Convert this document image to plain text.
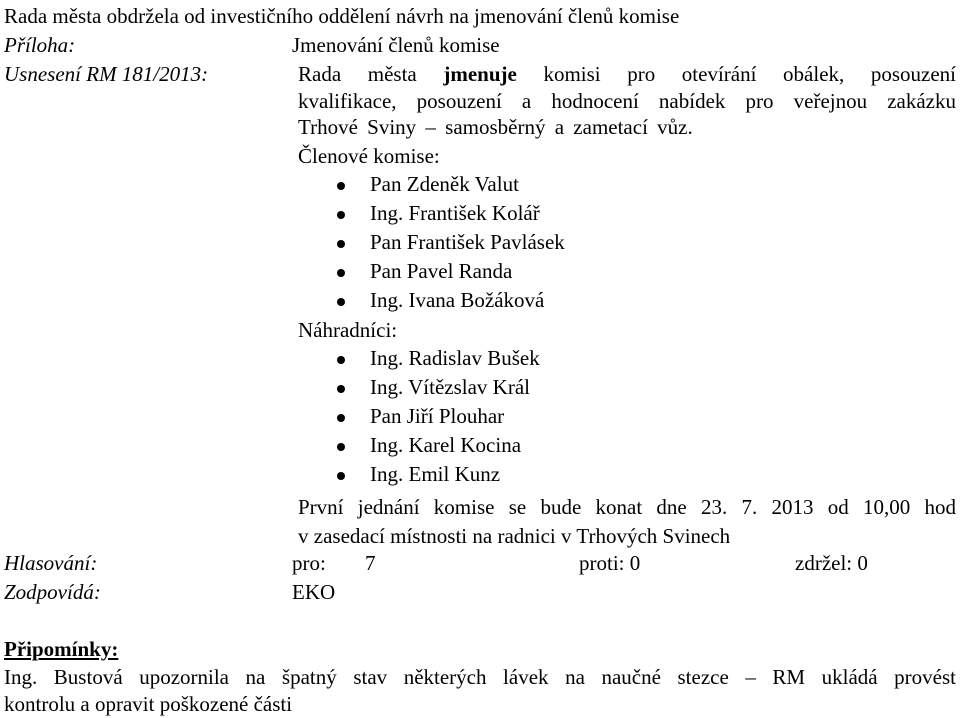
Rada města obdržela od investičního oddělení návrh na jmenování členů komise
Příloha:	Jmenování členů komise
Usnesení RM 181/2013:	Rada města jmenuje komisi pro otevírání obálek, posouzení
kvalifikace, posouzení a hodnocení nabídek pro veřejnou zakázku
Trhové Sviny – samosběrný a zametací vůz.
Členové komise:
Pan Zdeněk Valut
Ing. František Kolář
Pan František Pavlásek
Pan Pavel Randa
Ing. Ivana Božáková
Náhradníci:
Ing. Radislav Bušek
Ing. Vítězslav Král
Pan Jiří Plouhar
Ing. Karel Kocina
Ing. Emil Kunz
První jednání komise se bude konat dne 23. 7. 2013 od 10,00 hod
v zasedací místnosti na radnici v Trhových Svinech
Hlasování:	pro: 7	proti: 0	zdržel: 0
Zodpovídá:	EKO
Připomínky:
Ing. Bustová upozornila na špatný stav některých lávek na naučné stezce – RM ukládá provést
kontrolu a opravit poškozené části
